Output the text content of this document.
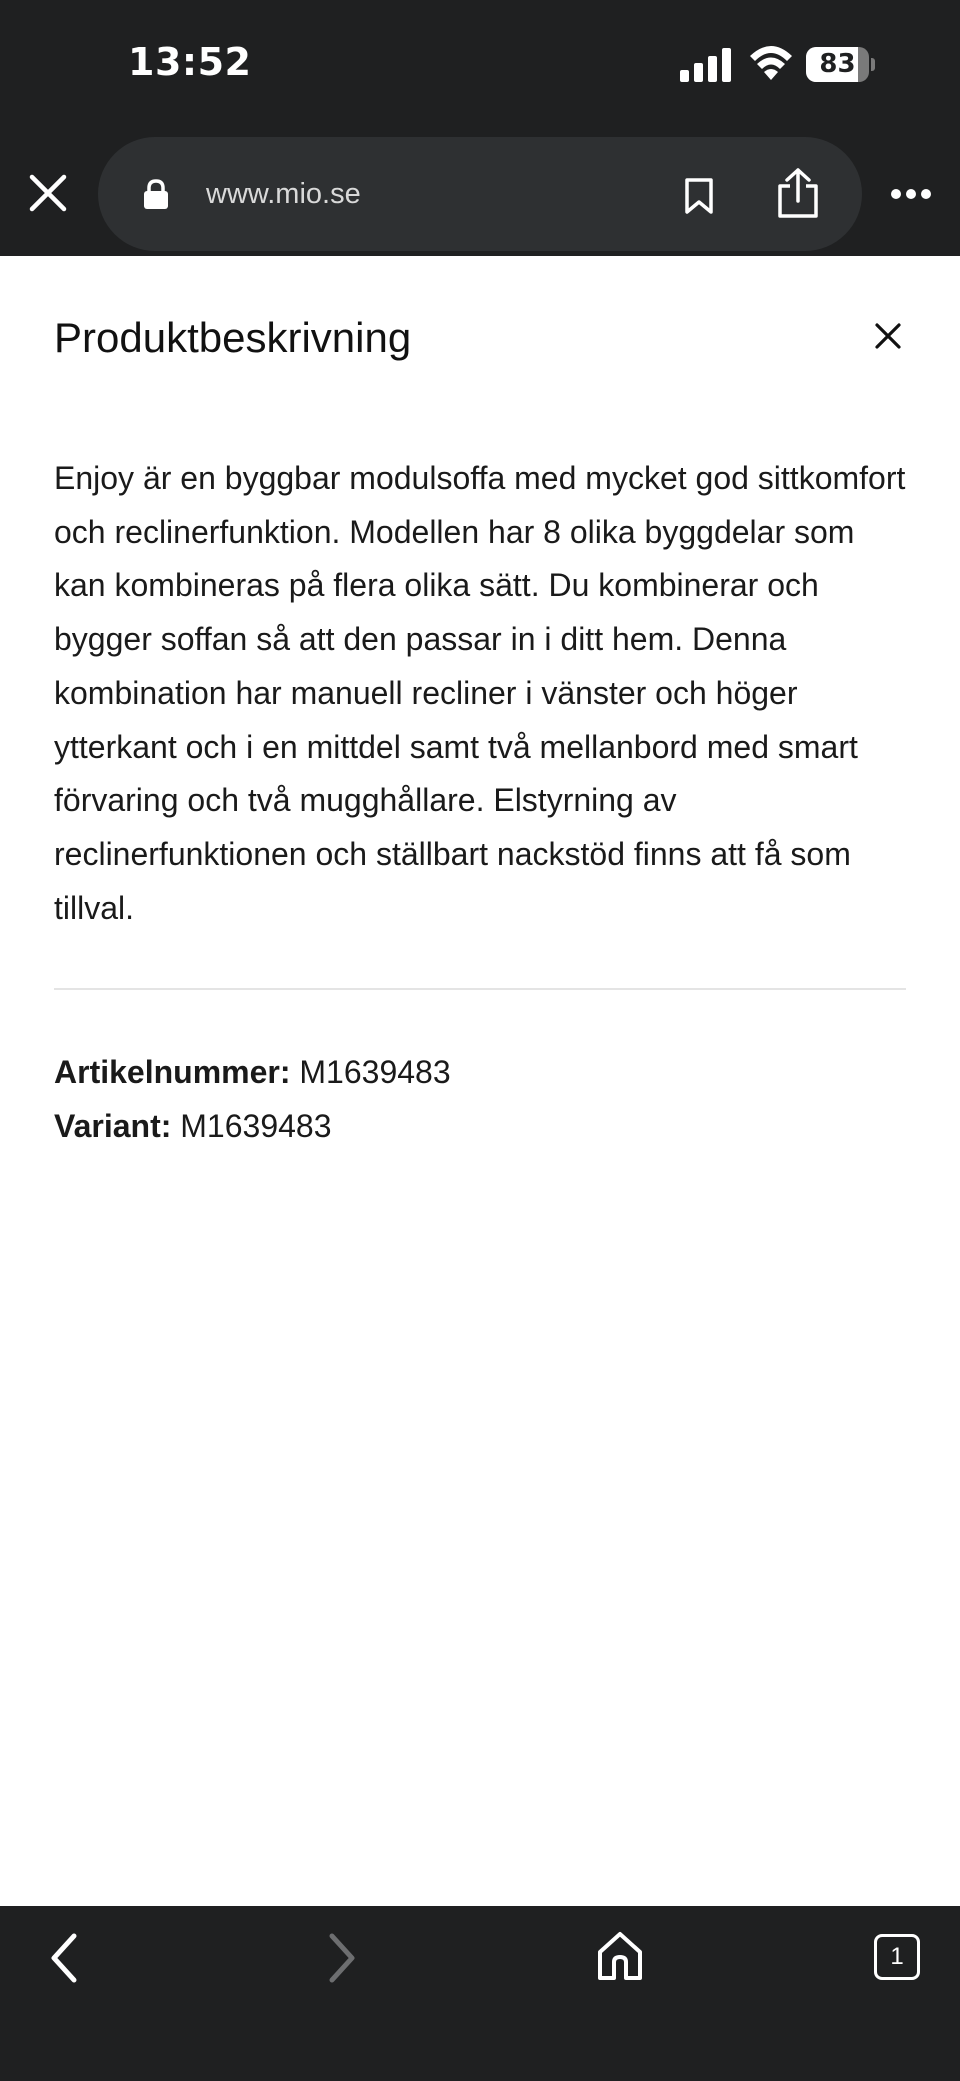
13:52	83
www.mio.se
Produktbeskrivning
Enjoy är en byggbar modulsoffa med mycket god sittkomfort och reclinerfunktion. Modellen har 8 olika byggdelar som kan kombineras på flera olika sätt. Du kombinerar och bygger soffan så att den passar in i ditt hem. Denna kombination har manuell recliner i vänster och höger ytterkant och i en mittdel samt två mellanbord med smart förvaring och två mugghållare. Elstyrning av reclinerfunktionen och ställbart nackstöd finns att få som tillval.
Artikelnummer: M1639483
Variant: M1639483
1
